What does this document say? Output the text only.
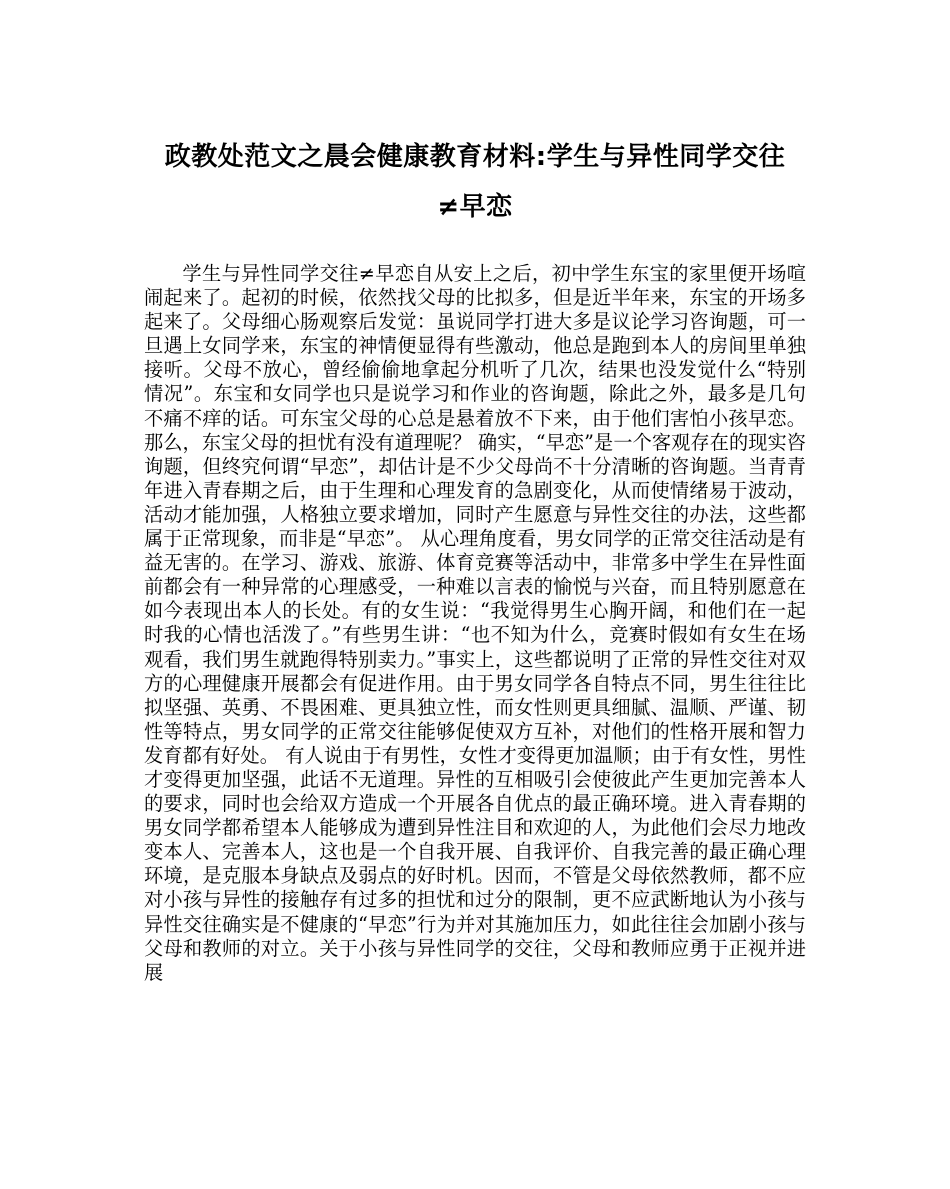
政教处范文之晨会健康教育材料:学生与异性同学交往
≠早恋

学生与异性同学交往≠早恋自从安上之后，初中学生东宝的家里便开场喧闹起来了。起初的时候，依然找父母的比拟多，但是近半年来，东宝的开场多起来了。父母细心肠观察后发觉：虽说同学打进大多是议论学习咨询题，可一旦遇上女同学来，东宝的神情便显得有些激动，他总是跑到本人的房间里单独接听。父母不放心，曾经偷偷地拿起分机听了几次，结果也没发觉什么“特别情况”。东宝和女同学也只是说学习和作业的咨询题，除此之外，最多是几句不痛不痒的话。可东宝父母的心总是悬着放不下来，由于他们害怕小孩早恋。 那么，东宝父母的担忧有没有道理呢？ 确实，“早恋”是一个客观存在的现实咨询题，但终究何谓“早恋”，却估计是不少父母尚不十分清晰的咨询题。当青青年进入青春期之后，由于生理和心理发育的急剧变化，从而使情绪易于波动，活动才能加强，人格独立要求增加，同时产生愿意与异性交往的办法，这些都属于正常现象，而非是“早恋”。 从心理角度看，男女同学的正常交往活动是有益无害的。在学习、游戏、旅游、体育竞赛等活动中，非常多中学生在异性面前都会有一种异常的心理感受，一种难以言表的愉悦与兴奋，而且特别愿意在如今表现出本人的长处。有的女生说：“我觉得男生心胸开阔，和他们在一起时我的心情也活泼了。”有些男生讲：“也不知为什么，竞赛时假如有女生在场观看，我们男生就跑得特别卖力。”事实上，这些都说明了正常的异性交往对双方的心理健康开展都会有促进作用。由于男女同学各自特点不同，男生往往比拟坚强、英勇、不畏困难、更具独立性，而女性则更具细腻、温顺、严谨、韧性等特点，男女同学的正常交往能够促使双方互补，对他们的性格开展和智力发育都有好处。 有人说由于有男性，女性才变得更加温顺；由于有女性，男性才变得更加坚强，此话不无道理。异性的互相吸引会使彼此产生更加完善本人的要求，同时也会给双方造成一个开展各自优点的最正确环境。进入青春期的男女同学都希望本人能够成为遭到异性注目和欢迎的人，为此他们会尽力地改变本人、完善本人，这也是一个自我开展、自我评价、自我完善的最正确心理环境，是克服本身缺点及弱点的好时机。因而，不管是父母依然教师，都不应对小孩与异性的接触存有过多的担忧和过分的限制，更不应武断地认为小孩与异性交往确实是不健康的“早恋”行为并对其施加压力，如此往往会加剧小孩与父母和教师的对立。关于小孩与异性同学的交往，父母和教师应勇于正视并进展
